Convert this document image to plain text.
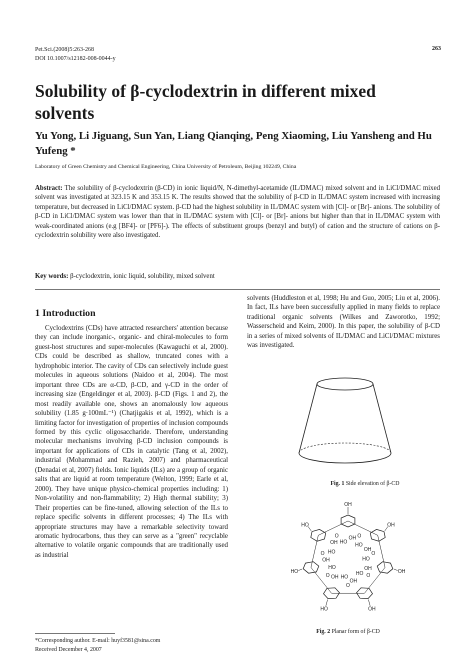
Pet.Sci.(2008)5:263-268
DOI 10.1007/s12182-008-0044-y
263
Solubility of β-cyclodextrin in different mixed solvents
Yu Yong, Li Jiguang, Sun Yan, Liang Qianqing, Peng Xiaoming, Liu Yansheng and Hu Yufeng *
Laboratory of Green Chemistry and Chemical Engineering, China University of Petroleum, Beijing 102249, China
Abstract: The solubility of β-cyclodextrin (β-CD) in ionic liquid/N, N-dimethyl-acetamide (IL/DMAC) mixed solvent and in LiCl/DMAC mixed solvent was investigated at 323.15 K and 353.15 K. The results showed that the solubility of β-CD in IL/DMAC system increased with increasing temperature, but decreased in LiCl/DMAC system. β-CD had the highest solubility in IL/DMAC system with [Cl]- or [Br]- anions. The solubility of β-CD in LiCl/DMAC system was lower than that in IL/DMAC system with [Cl]- or [Br]- anions but higher than that in IL/DMAC system with weak-coordinated anions (e.g [BF4]- or [PF6]-). The effects of substituent groups (benzyl and butyl) of cation and the structure of cations on β-cyclodextrin solubility were also investigated.
Key words: β-cyclodextrin, ionic liquid, solubility, mixed solvent
1 Introduction

Cyclodextrins (CDs) have attracted researchers' attention because they can include inorganic-, organic- and chiral-molecules to form guest-host structures and super-molecules (Kawaguchi et al, 2000). CDs could be described as shallow, truncated cones with a hydrophobic interior. The cavity of CDs can selectively include guest molecules in aqueous solutions (Naidoo et al, 2004). The most important three CDs are α-CD, β-CD, and γ-CD in the order of increasing size (Engeldinger et al, 2003). β-CD (Figs. 1 and 2), the most readily available one, shows an anomalously low aqueous solubility (1.85 g·100mL⁻¹) (Chatjigakis et al, 1992), which is a limiting factor for investigation of properties of inclusion compounds formed by this cyclic oligosaccharide. Therefore, understanding molecular mechanisms involving β-CD inclusion compounds is important for applications of CDs in catalytic (Tang et al, 2002), industrial (Mohammad and Razieh, 2007) and pharmaceutical (Denadai et al, 2007) fields. Ionic liquids (ILs) are a group of organic salts that are liquid at room temperature (Welton, 1999; Earle et al, 2000). They have unique physico-chemical properties including: 1) Non-volatility and non-flammability; 2) High thermal stability; 3) Their properties can be fine-tuned, allowing selection of the ILs to replace specific solvents in different processes; 4) The ILs with appropriate structures may have a remarkable selectivity toward aromatic hydrocarbons, thus they can serve as a "green" recyclable alternative to volatile organic compounds that are traditionally used as industrial

solvents (Huddleston et al, 1998; Hu and Guo, 2005; Liu et al, 2006). In fact, ILs have been successfully applied in many fields to replace traditional organic solvents (Wilkes and Zaworotko, 1992; Wasserscheid and Keim, 2000). In this paper, the solubility of β-CD in a series of mixed solvents of IL/DMAC and LiCl/DMAC mixtures was investigated.

Fig. 1 Side elevation of β-CD
O
OH
OH
HO
O
OH
OH
HO
O
OH
OH
HO
O
OH
OH
HO
O
HO
OH HO
O
HO
OH
HO
O
HO
OH
HO
Fig. 2 Planar form of β-CD
*Corresponding author. E-mail: huyf3581@sina.com
Received December 4, 2007
